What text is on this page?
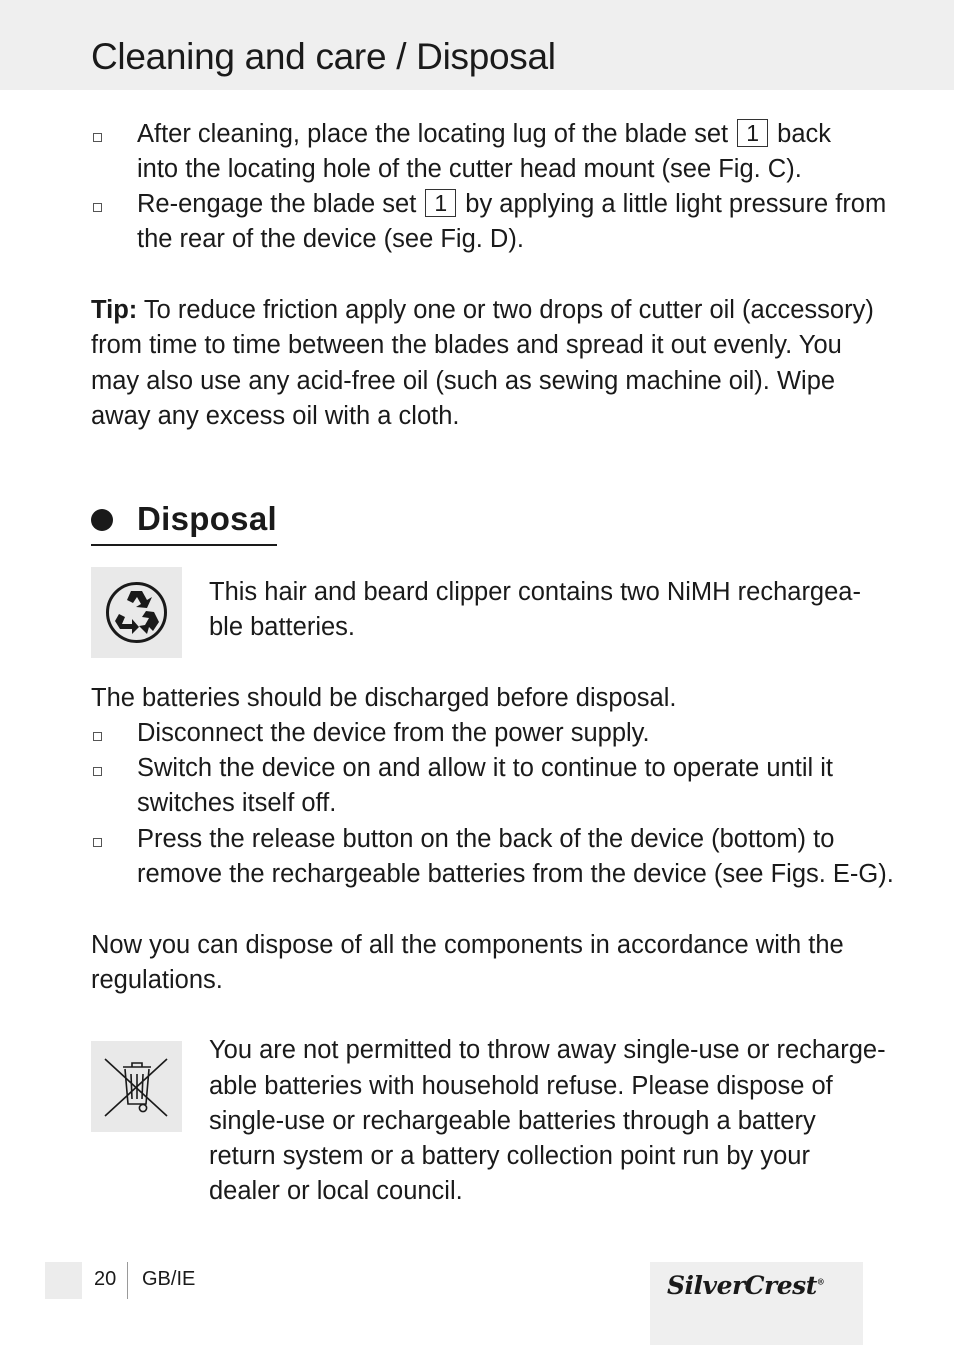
Cleaning and care / Disposal

After cleaning, place the locating lug of the blade set 1 back

into the locating hole of the cutter head mount (see Fig. C).

Re-engage the blade set 1 by applying a little light pressure from

the rear of the device (see Fig. D).

Tip: To reduce friction apply one or two drops of cutter oil (accessory)

from time to time between the blades and spread it out evenly. You

may also use any acid-free oil (such as sewing machine oil). Wipe

away any excess oil with a cloth.

Disposal

This hair and beard clipper contains two NiMH rechargea-

ble batteries.

The batteries should be discharged before disposal.

Disconnect the device from the power supply.

Switch the device on and allow it to continue to operate until it

switches itself off.

Press the release button on the back of the device (bottom) to

remove the rechargeable batteries from the device (see Figs. E-G).

Now you can dispose of all the components in accordance with the

regulations.

You are not permitted to throw away single-use or recharge-

able batteries with household refuse. Please dispose of

single-use or rechargeable batteries through a battery

return system or a battery collection point run by your

dealer or local council.

20 GB/IE	SilverCrest®
